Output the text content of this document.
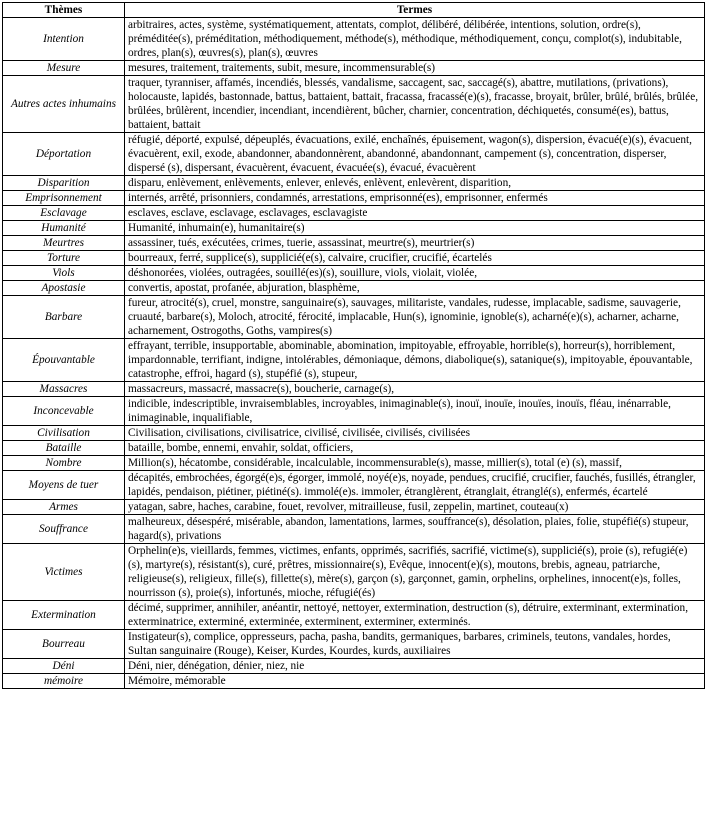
Thèmes	Termes
Intention	arbitraires, actes, système, systématiquement, attentats, complot, délibéré, délibérée, intentions, solution, ordre(s), préméditée(s), préméditation, méthodiquement, méthode(s), méthodique, méthodiquement, conçu, complot(s), indubitable, ordres, plan(s), œuvres(s), plan(s), œuvres
Mesure	mesures, traitement, traitements, subit, mesure, incommensurable(s)
Autres actes inhumains	traquer, tyranniser, affamés, incendiés, blessés, vandalisme, saccagent, sac, saccagé(s), abattre, mutilations, (privations), holocauste, lapidés, bastonnade, battus, battaient, battait, fracassa, fracassé(e)(s), fracasse, broyait, brûler, brûlé, brûlés, brûlée, brûlées, brûlèrent, incendier, incendiant, incendièrent, bûcher, charnier, concentration, déchiquetés, consumé(es), battus, battaient, battait
Déportation	réfugié, déporté, expulsé, dépeuplés, évacuations, exilé, enchaînés, épuisement, wagon(s), dispersion, évacué(e)(s), évacuent, évacuèrent, exil, exode, abandonner, abandonnèrent, abandonné, abandonnant, campement (s), concentration, disperser, dispersé (s), dispersant, évacuèrent, évacuent, évacuée(s), évacué, évacuèrent
Disparition	disparu, enlèvement, enlèvements, enlever, enlevés, enlèvent, enlevèrent, disparition,
Emprisonnement	internés, arrêté, prisonniers, condamnés, arrestations, emprisonné(es), emprisonner, enfermés
Esclavage	esclaves, esclave, esclavage, esclavages, esclavagiste
Humanité	Humanité, inhumain(e), humanitaire(s)
Meurtres	assassiner, tués, exécutées, crimes, tuerie, assassinat, meurtre(s), meurtrier(s)
Torture	bourreaux, ferré, supplice(s), supplicié(e(s), calvaire, crucifier, crucifié, écartelés
Viols	déshonorées, violées, outragées, souillé(es)(s), souillure, viols, violait, violée,
Apostasie	convertis, apostat, profanée, abjuration, blasphème,
Barbare	fureur, atrocité(s), cruel, monstre, sanguinaire(s), sauvages, militariste, vandales, rudesse, implacable, sadisme, sauvagerie, cruauté, barbare(s), Moloch, atrocité, férocité, implacable, Hun(s), ignominie, ignoble(s), acharné(e)(s), acharner, acharne, acharnement, Ostrogoths, Goths, vampires(s)
Épouvantable	effrayant, terrible, insupportable, abominable, abomination, impitoyable, effroyable, horrible(s), horreur(s), horriblement, impardonnable, terrifiant, indigne, intolérables, démoniaque, démons, diabolique(s), satanique(s), impitoyable, épouvantable, catastrophe, effroi, hagard (s), stupéfié (s), stupeur,
Massacres	massacreurs, massacré, massacre(s), boucherie, carnage(s),
Inconcevable	indicible, indescriptible, invraisemblables, incroyables, inimaginable(s), inouï, inouïe, inouïes, inouïs, fléau, inénarrable, inimaginable, inqualifiable,
Civilisation	Civilisation, civilisations, civilisatrice, civilisé, civilisée, civilisés, civilisées
Bataille	bataille, bombe, ennemi, envahir, soldat, officiers,
Nombre	Million(s), hécatombe, considérable, incalculable, incommensurable(s), masse, millier(s), total (e) (s), massif,
Moyens de tuer	décapités, embrochées, égorgé(e)s, égorger, immolé, noyé(e)s, noyade, pendues, crucifié, crucifier, fauchés, fusillés, étrangler, lapidés, pendaison, piétiner, piétiné(s). immolé(e)s. immoler, étranglèrent, étranglait, étranglé(s), enfermés, écartelé
Armes	yatagan, sabre, haches, carabine, fouet, revolver, mitrailleuse, fusil, zeppelin, martinet, couteau(x)
Souffrance	malheureux, désespéré, misérable, abandon, lamentations, larmes, souffrance(s), désolation, plaies, folie, stupéfié(s) stupeur, hagard(s), privations
Victimes	Orphelin(e)s, vieillards, femmes, victimes, enfants, opprimés, sacrifiés, sacrifié, victime(s), supplicié(s), proie (s), refugié(e)(s), martyre(s), résistant(s), curé, prêtres, missionnaire(s), Evêque, innocent(e)(s), moutons, brebis, agneau, patriarche, religieuse(s), religieux, fille(s), fillette(s), mère(s), garçon (s), garçonnet, gamin, orphelins, orphelines, innocent(e)s, folles, nourrisson (s), proie(s), infortunés, mioche, réfugié(és)
Extermination	décimé, supprimer, annihiler, anéantir, nettoyé, nettoyer, extermination, destruction (s), détruire, exterminant, extermination, exterminatrice, exterminé, exterminée, exterminent, exterminer, exterminés.
Bourreau	Instigateur(s), complice, oppresseurs, pacha, pasha, bandits, germaniques, barbares, criminels, teutons, vandales, hordes, Sultan sanguinaire (Rouge), Keiser, Kurdes, Kourdes, kurds, auxiliaires
Déni	Déni, nier, dénégation, dénier, niez, nie
mémoire	Mémoire, mémorable
